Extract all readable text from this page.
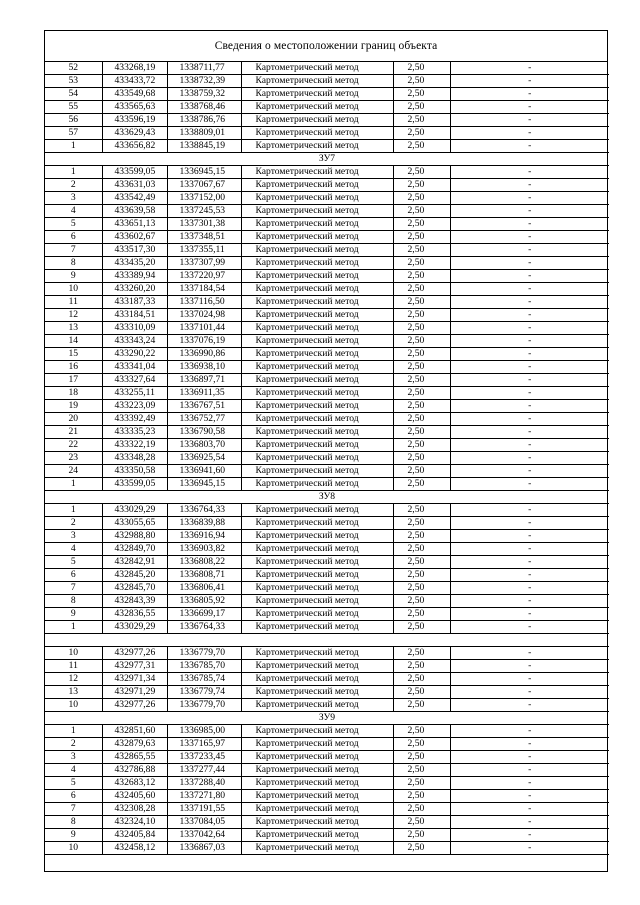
Сведения о местоположении границ объекта
52	433268,19	1338711,77	Картометрический метод	2,50	-
53	433433,72	1338732,39	Картометрический метод	2,50	-
54	433549,68	1338759,32	Картометрический метод	2,50	-
55	433565,63	1338768,46	Картометрический метод	2,50	-
56	433596,19	1338786,76	Картометрический метод	2,50	-
57	433629,43	1338809,01	Картометрический метод	2,50	-
1	433656,82	1338845,19	Картометрический метод	2,50	-
ЗУ7					
1	433599,05	1336945,15	Картометрический метод	2,50	-
2	433631,03	1337067,67	Картометрический метод	2,50	-
3	433542,49	1337152,00	Картометрический метод	2,50	-
4	433639,58	1337245,53	Картометрический метод	2,50	-
5	433651,13	1337301,38	Картометрический метод	2,50	-
6	433602,67	1337348,51	Картометрический метод	2,50	-
7	433517,30	1337355,11	Картометрический метод	2,50	-
8	433435,20	1337307,99	Картометрический метод	2,50	-
9	433389,94	1337220,97	Картометрический метод	2,50	-
10	433260,20	1337184,54	Картометрический метод	2,50	-
11	433187,33	1337116,50	Картометрический метод	2,50	-
12	433184,51	1337024,98	Картометрический метод	2,50	-
13	433310,09	1337101,44	Картометрический метод	2,50	-
14	433343,24	1337076,19	Картометрический метод	2,50	-
15	433290,22	1336990,86	Картометрический метод	2,50	-
16	433341,04	1336938,10	Картометрический метод	2,50	-
17	433327,64	1336897,71	Картометрический метод	2,50	-
18	433255,11	1336911,35	Картометрический метод	2,50	-
19	433223,09	1336767,51	Картометрический метод	2,50	-
20	433392,49	1336752,77	Картометрический метод	2,50	-
21	433335,23	1336790,58	Картометрический метод	2,50	-
22	433322,19	1336803,70	Картометрический метод	2,50	-
23	433348,28	1336925,54	Картометрический метод	2,50	-
24	433350,58	1336941,60	Картометрический метод	2,50	-
1	433599,05	1336945,15	Картометрический метод	2,50	-
ЗУ8					
1	433029,29	1336764,33	Картометрический метод	2,50	-
2	433055,65	1336839,88	Картометрический метод	2,50	-
3	432988,80	1336916,94	Картометрический метод	2,50	-
4	432849,70	1336903,82	Картометрический метод	2,50	-
5	432842,91	1336808,22	Картометрический метод	2,50	-
6	432845,20	1336808,71	Картометрический метод	2,50	-
7	432845,70	1336806,41	Картометрический метод	2,50	-
8	432843,39	1336805,92	Картометрический метод	2,50	-
9	432836,55	1336699,17	Картометрический метод	2,50	-
1	433029,29	1336764,33	Картометрический метод	2,50	-

10	432977,26	1336779,70	Картометрический метод	2,50	-
11	432977,31	1336785,70	Картометрический метод	2,50	-
12	432971,34	1336785,74	Картометрический метод	2,50	-
13	432971,29	1336779,74	Картометрический метод	2,50	-
10	432977,26	1336779,70	Картометрический метод	2,50	-
ЗУ9					
1	432851,60	1336985,00	Картометрический метод	2,50	-
2	432879,63	1337165,97	Картометрический метод	2,50	-
3	432865,55	1337233,45	Картометрический метод	2,50	-
4	432786,88	1337277,44	Картометрический метод	2,50	-
5	432683,12	1337288,40	Картометрический метод	2,50	-
6	432405,60	1337271,80	Картометрический метод	2,50	-
7	432308,28	1337191,55	Картометрический метод	2,50	-
8	432324,10	1337084,05	Картометрический метод	2,50	-
9	432405,84	1337042,64	Картометрический метод	2,50	-
10	432458,12	1336867,03	Картометрический метод	2,50	-
